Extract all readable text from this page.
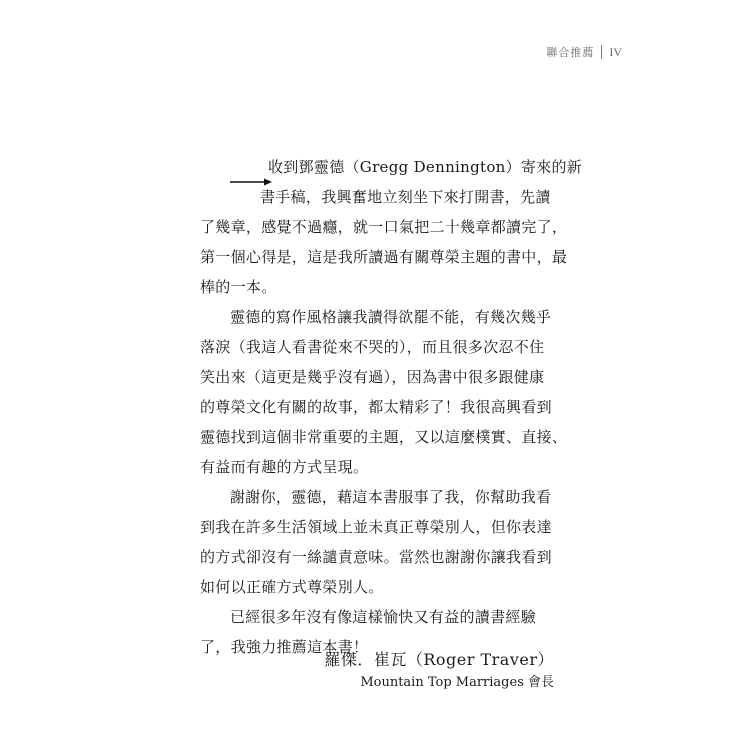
聯合推薦 IV
收到鄧靈德（Gregg Dennington）寄來的新
書手稿，我興奮地立刻坐下來打開書，先讀
了幾章，感覺不過癮，就一口氣把二十幾章都讀完了，
第一個心得是，這是我所讀過有關尊榮主題的書中，最
棒的一本。
靈德的寫作風格讓我讀得欲罷不能，有幾次幾乎
落淚（我這人看書從來不哭的），而且很多次忍不住
笑出來（這更是幾乎沒有過），因為書中很多跟健康
的尊榮文化有關的故事，都太精彩了！我很高興看到
靈德找到這個非常重要的主題，又以這麼樸實、直接、
有益而有趣的方式呈現。
謝謝你，靈德，藉這本書服事了我，你幫助我看
到我在許多生活領域上並未真正尊榮別人，但你表達
的方式卻沒有一絲譴責意味。當然也謝謝你讓我看到
如何以正確方式尊榮別人。
已經很多年沒有像這樣愉快又有益的讀書經驗
了，我強力推薦這本書！
羅傑．崔瓦（Roger Traver）
Mountain Top Marriages 會長
